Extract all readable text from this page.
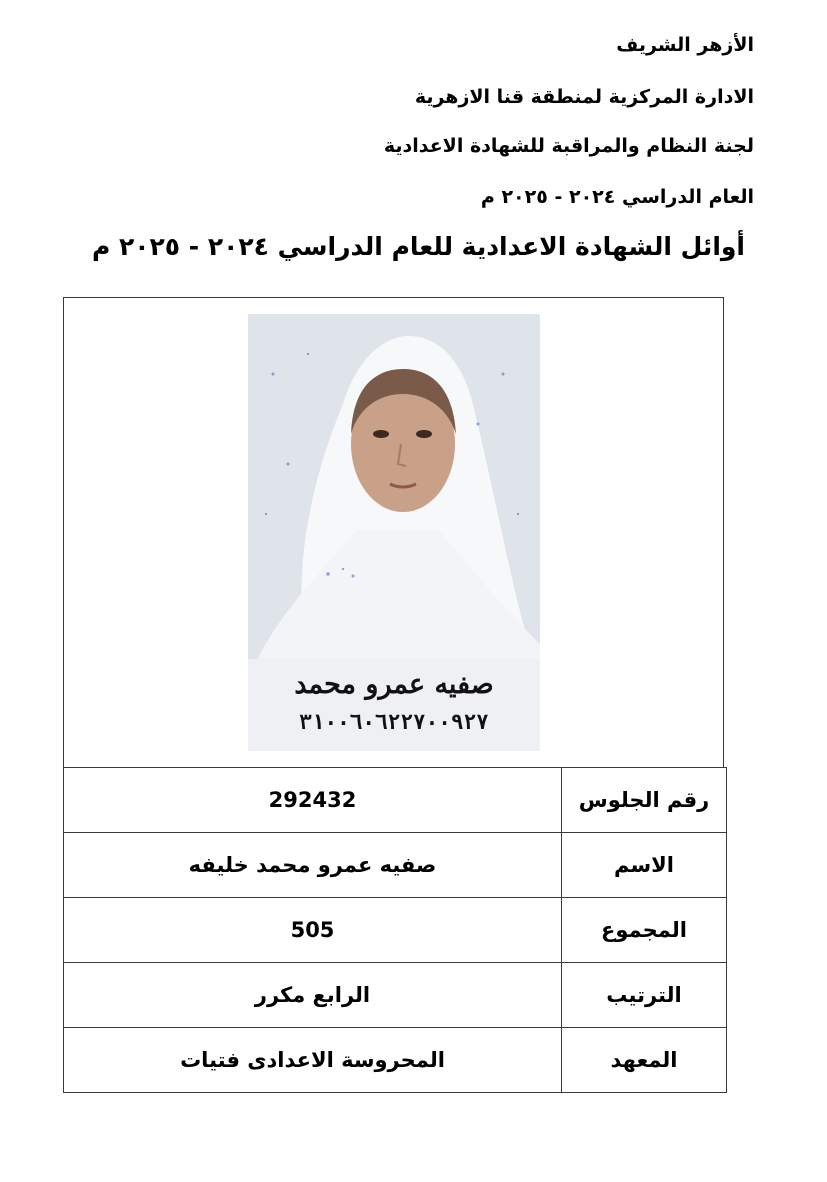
الأزهر الشريف
الادارة المركزية لمنطقة قنا الازهرية
لجنة النظام والمراقبة للشهادة الاعدادية
العام الدراسي ٢٠٢٤ - ٢٠٢٥ م
أوائل الشهادة الاعدادية للعام الدراسي ٢٠٢٤ - ٢٠٢٥ م
صفيه عمرو محمد
٣١٠٠٦٠٦٢٢٧٠٠٩٢٧
292432	رقم الجلوس
صفيه عمرو محمد خليفه	الاسم
505	المجموع
الرابع مكرر	الترتيب
المحروسة الاعدادى فتيات	المعهد
